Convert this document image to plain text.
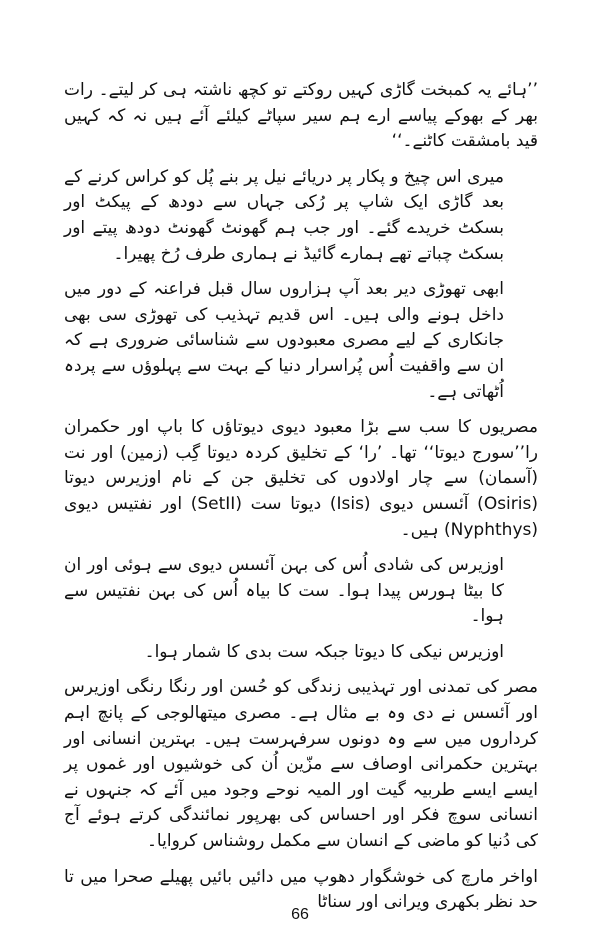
’’ہائے یہ کمبخت گاڑی کہیں روکتے تو کچھ ناشتہ ہی کر لیتے۔ رات بھر کے بھوکے پیاسے ارے ہم سیر سپاٹے کیلئے آئے ہیں نہ کہ کہیں قید بامشقت کاٹنے۔‘‘

میری اس چیخ و پکار پر دریائے نیل پر بنے پُل کو کراس کرنے کے بعد گاڑی ایک شاپ پر رُکی جہاں سے دودھ کے پیکٹ اور بسکٹ خریدے گئے۔ اور جب ہم گھونٹ گھونٹ دودھ پیتے اور بسکٹ چباتے تھے ہمارے گائیڈ نے ہماری طرف رُخ پھیرا۔

ابھی تھوڑی دیر بعد آپ ہزاروں سال قبل فراعنہ کے دور میں داخل ہونے والی ہیں۔ اس قدیم تہذیب کی تھوڑی سی بھی جانکاری کے لیے مصری معبودوں سے شناسائی ضروری ہے کہ ان سے واقفیت اُس پُراسرار دنیا کے بہت سے پہلوؤں سے پردہ اُٹھاتی ہے۔

مصریوں کا سب سے بڑا معبود دیوی دیوتاؤں کا باپ اور حکمران را’’سورج دیوتا‘‘ تھا۔ ’را‘ کے تخلیق کردہ دیوتا گِب (زمین) اور نت (آسمان) سے چار اولادوں کی تخلیق جن کے نام اوزیرس دیوتا (Osiris) آئسس دیوی (Isis) دیوتا ست (SetII) اور نفتیس دیوی (Nyphthys) ہیں۔

اوزیرس کی شادی اُس کی بہن آئسس دیوی سے ہوئی اور ان کا بیٹا ہورس پیدا ہوا۔ ست کا بیاہ اُس کی بہن نفتیس سے ہوا۔

اوزیرس نیکی کا دیوتا جبکہ ست بدی کا شمار ہوا۔

مصر کی تمدنی اور تہذیبی زندگی کو حُسن اور رنگا رنگی اوزیرس اور آئسس نے دی وہ بے مثال ہے۔ مصری میتھالوجی کے پانچ اہم کرداروں میں سے وہ دونوں سرفہرست ہیں۔ بہترین انسانی اور بہترین حکمرانی اوصاف سے مزّین اُن کی خوشیوں اور غموں پر ایسے ایسے طربیہ گیت اور المیہ نوحے وجود میں آئے کہ جنہوں نے انسانی سوچ فکر اور احساس کی بھرپور نمائندگی کرتے ہوئے آج کی دُنیا کو ماضی کے انسان سے مکمل روشناس کروایا۔

اواخر مارچ کی خوشگوار دھوپ میں دائیں بائیں پھیلے صحرا میں تا حد نظر بکھری ویرانی اور سناٹا

66
